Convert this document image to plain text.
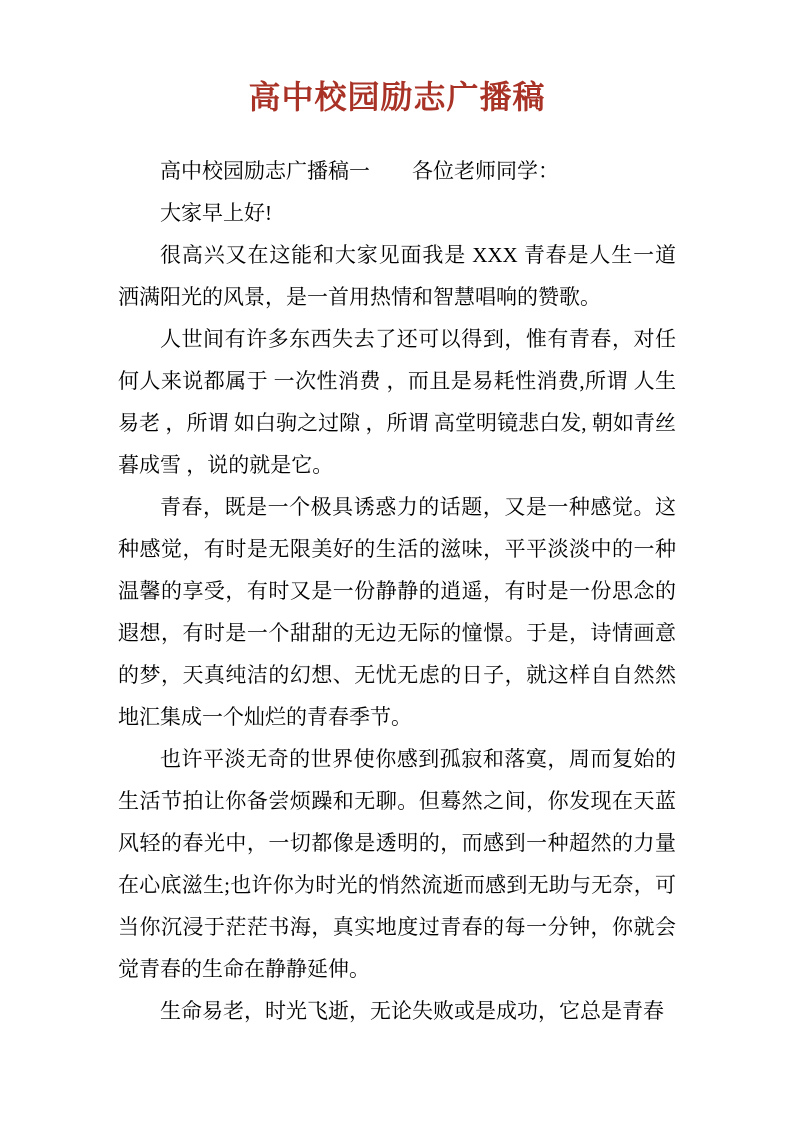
高中校园励志广播稿

高中校园励志广播稿一　　各位老师同学：

大家早上好!

很高兴又在这能和大家见面我是 XXX 青春是人生一道洒满阳光的风景，是一首用热情和智慧唱响的赞歌。

人世间有许多东西失去了还可以得到，惟有青春，对任何人来说都属于 一次性消费 ，而且是易耗性消费,所谓 人生易老 ，所谓 如白驹之过隙 ，所谓 高堂明镜悲白发, 朝如青丝暮成雪 ，说的就是它。

青春，既是一个极具诱惑力的话题，又是一种感觉。这种感觉，有时是无限美好的生活的滋味，平平淡淡中的一种温馨的享受，有时又是一份静静的逍遥，有时是一份思念的遐想，有时是一个甜甜的无边无际的憧憬。于是，诗情画意的梦，天真纯洁的幻想、无忧无虑的日子，就这样自自然然地汇集成一个灿烂的青春季节。

也许平淡无奇的世界使你感到孤寂和落寞，周而复始的生活节拍让你备尝烦躁和无聊。但蓦然之间，你发现在天蓝风轻的春光中，一切都像是透明的，而感到一种超然的力量在心底滋生;也许你为时光的悄然流逝而感到无助与无奈，可当你沉浸于茫茫书海，真实地度过青春的每一分钟，你就会觉青春的生命在静静延伸。

生命易老，时光飞逝，无论失败或是成功，它总是青春
